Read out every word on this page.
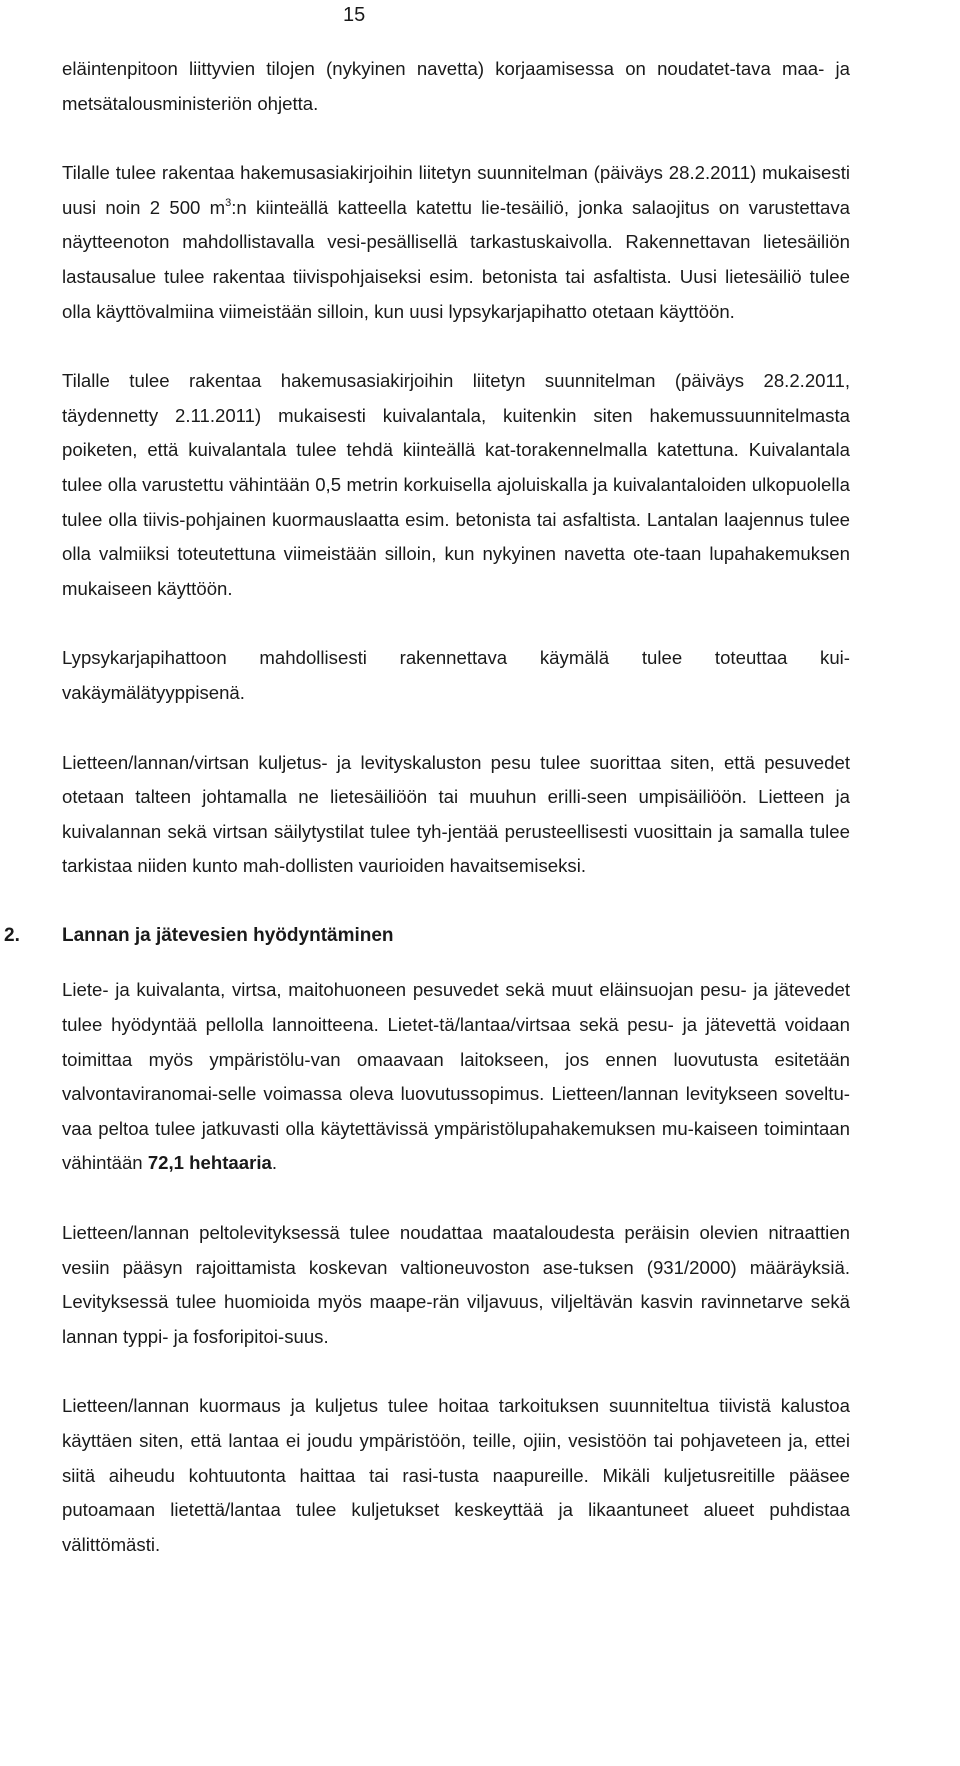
15

eläintenpitoon liittyvien tilojen (nykyinen navetta) korjaamisessa on noudatet-tava maa- ja metsätalousministeriön ohjetta.

Tilalle tulee rakentaa hakemusasiakirjoihin liitetyn suunnitelman (päiväys 28.2.2011) mukaisesti uusi noin 2 500 $m^3:n$ kiinteällä katteella katettu lie-tesäiliö, jonka salaojitus on varustettava näytteenoton mahdollistavalla vesi-pesällisellä tarkastuskaivolla. Rakennettavan lietesäiliön lastausalue tulee rakentaa tiivispohjaiseksi esim. betonista tai asfaltista. Uusi lietesäiliö tulee olla käyttövalmiina viimeistään silloin, kun uusi lypsykarjapihatto otetaan käyttöön.

Tilalle tulee rakentaa hakemusasiakirjoihin liitetyn suunnitelman (päiväys 28.2.2011, täydennetty 2.11.2011) mukaisesti kuivalantala, kuitenkin siten hakemussuunnitelmasta poiketen, että kuivalantala tulee tehdä kiinteällä kat-torakennelmalla katettuna. Kuivalantala tulee olla varustettu vähintään 0,5 metrin korkuisella ajoluiskalla ja kuivalantaloiden ulkopuolella tulee olla tiivis-pohjainen kuormauslaatta esim. betonista tai asfaltista. Lantalan laajennus tulee olla valmiiksi toteutettuna viimeistään silloin, kun nykyinen navetta ote-taan lupahakemuksen mukaiseen käyttöön.

Lypsykarjapihattoon mahdollisesti rakennettava käymälä tulee toteuttaa kui-vakäymälätyyppisenä.

Lietteen/lannan/virtsan kuljetus- ja levityskaluston pesu tulee suorittaa siten, että pesuvedet otetaan talteen johtamalla ne lietesäiliöön tai muuhun erilli-seen umpisäiliöön. Lietteen ja kuivalannan sekä virtsan säilytystilat tulee tyh-jentää perusteellisesti vuosittain ja samalla tulee tarkistaa niiden kunto mah-dollisten vaurioiden havaitsemiseksi.

2. Lannan ja jätevesien hyödyntäminen

Liete- ja kuivalanta, virtsa, maitohuoneen pesuvedet sekä muut eläinsuojan pesu- ja jätevedet tulee hyödyntää pellolla lannoitteena. Lietet-tä/lantaa/virtsaa sekä pesu- ja jätevettä voidaan toimittaa myös ympäristölu-van omaavaan laitokseen, jos ennen luovutusta esitetään valvontaviranomai-selle voimassa oleva luovutussopimus. Lietteen/lannan levitykseen soveltu-vaa peltoa tulee jatkuvasti olla käytettävissä ympäristölupahakemuksen mu-kaiseen toimintaan vähintään 72,1 hehtaaria.

Lietteen/lannan peltolevityksessä tulee noudattaa maataloudesta peräisin olevien nitraattien vesiin pääsyn rajoittamista koskevan valtioneuvoston ase-tuksen (931/2000) määräyksiä. Levityksessä tulee huomioida myös maape-rän viljavuus, viljeltävän kasvin ravinnetarve sekä lannan typpi- ja fosforipitoi-suus.

Lietteen/lannan kuormaus ja kuljetus tulee hoitaa tarkoituksen suunniteltua tiivistä kalustoa käyttäen siten, että lantaa ei joudu ympäristöön, teille, ojiin, vesistöön tai pohjaveteen ja, ettei siitä aiheudu kohtuutonta haittaa tai rasi-tusta naapureille. Mikäli kuljetusreitille pääsee putoamaan lietettä/lantaa tulee kuljetukset keskeyttää ja likaantuneet alueet puhdistaa välittömästi.
